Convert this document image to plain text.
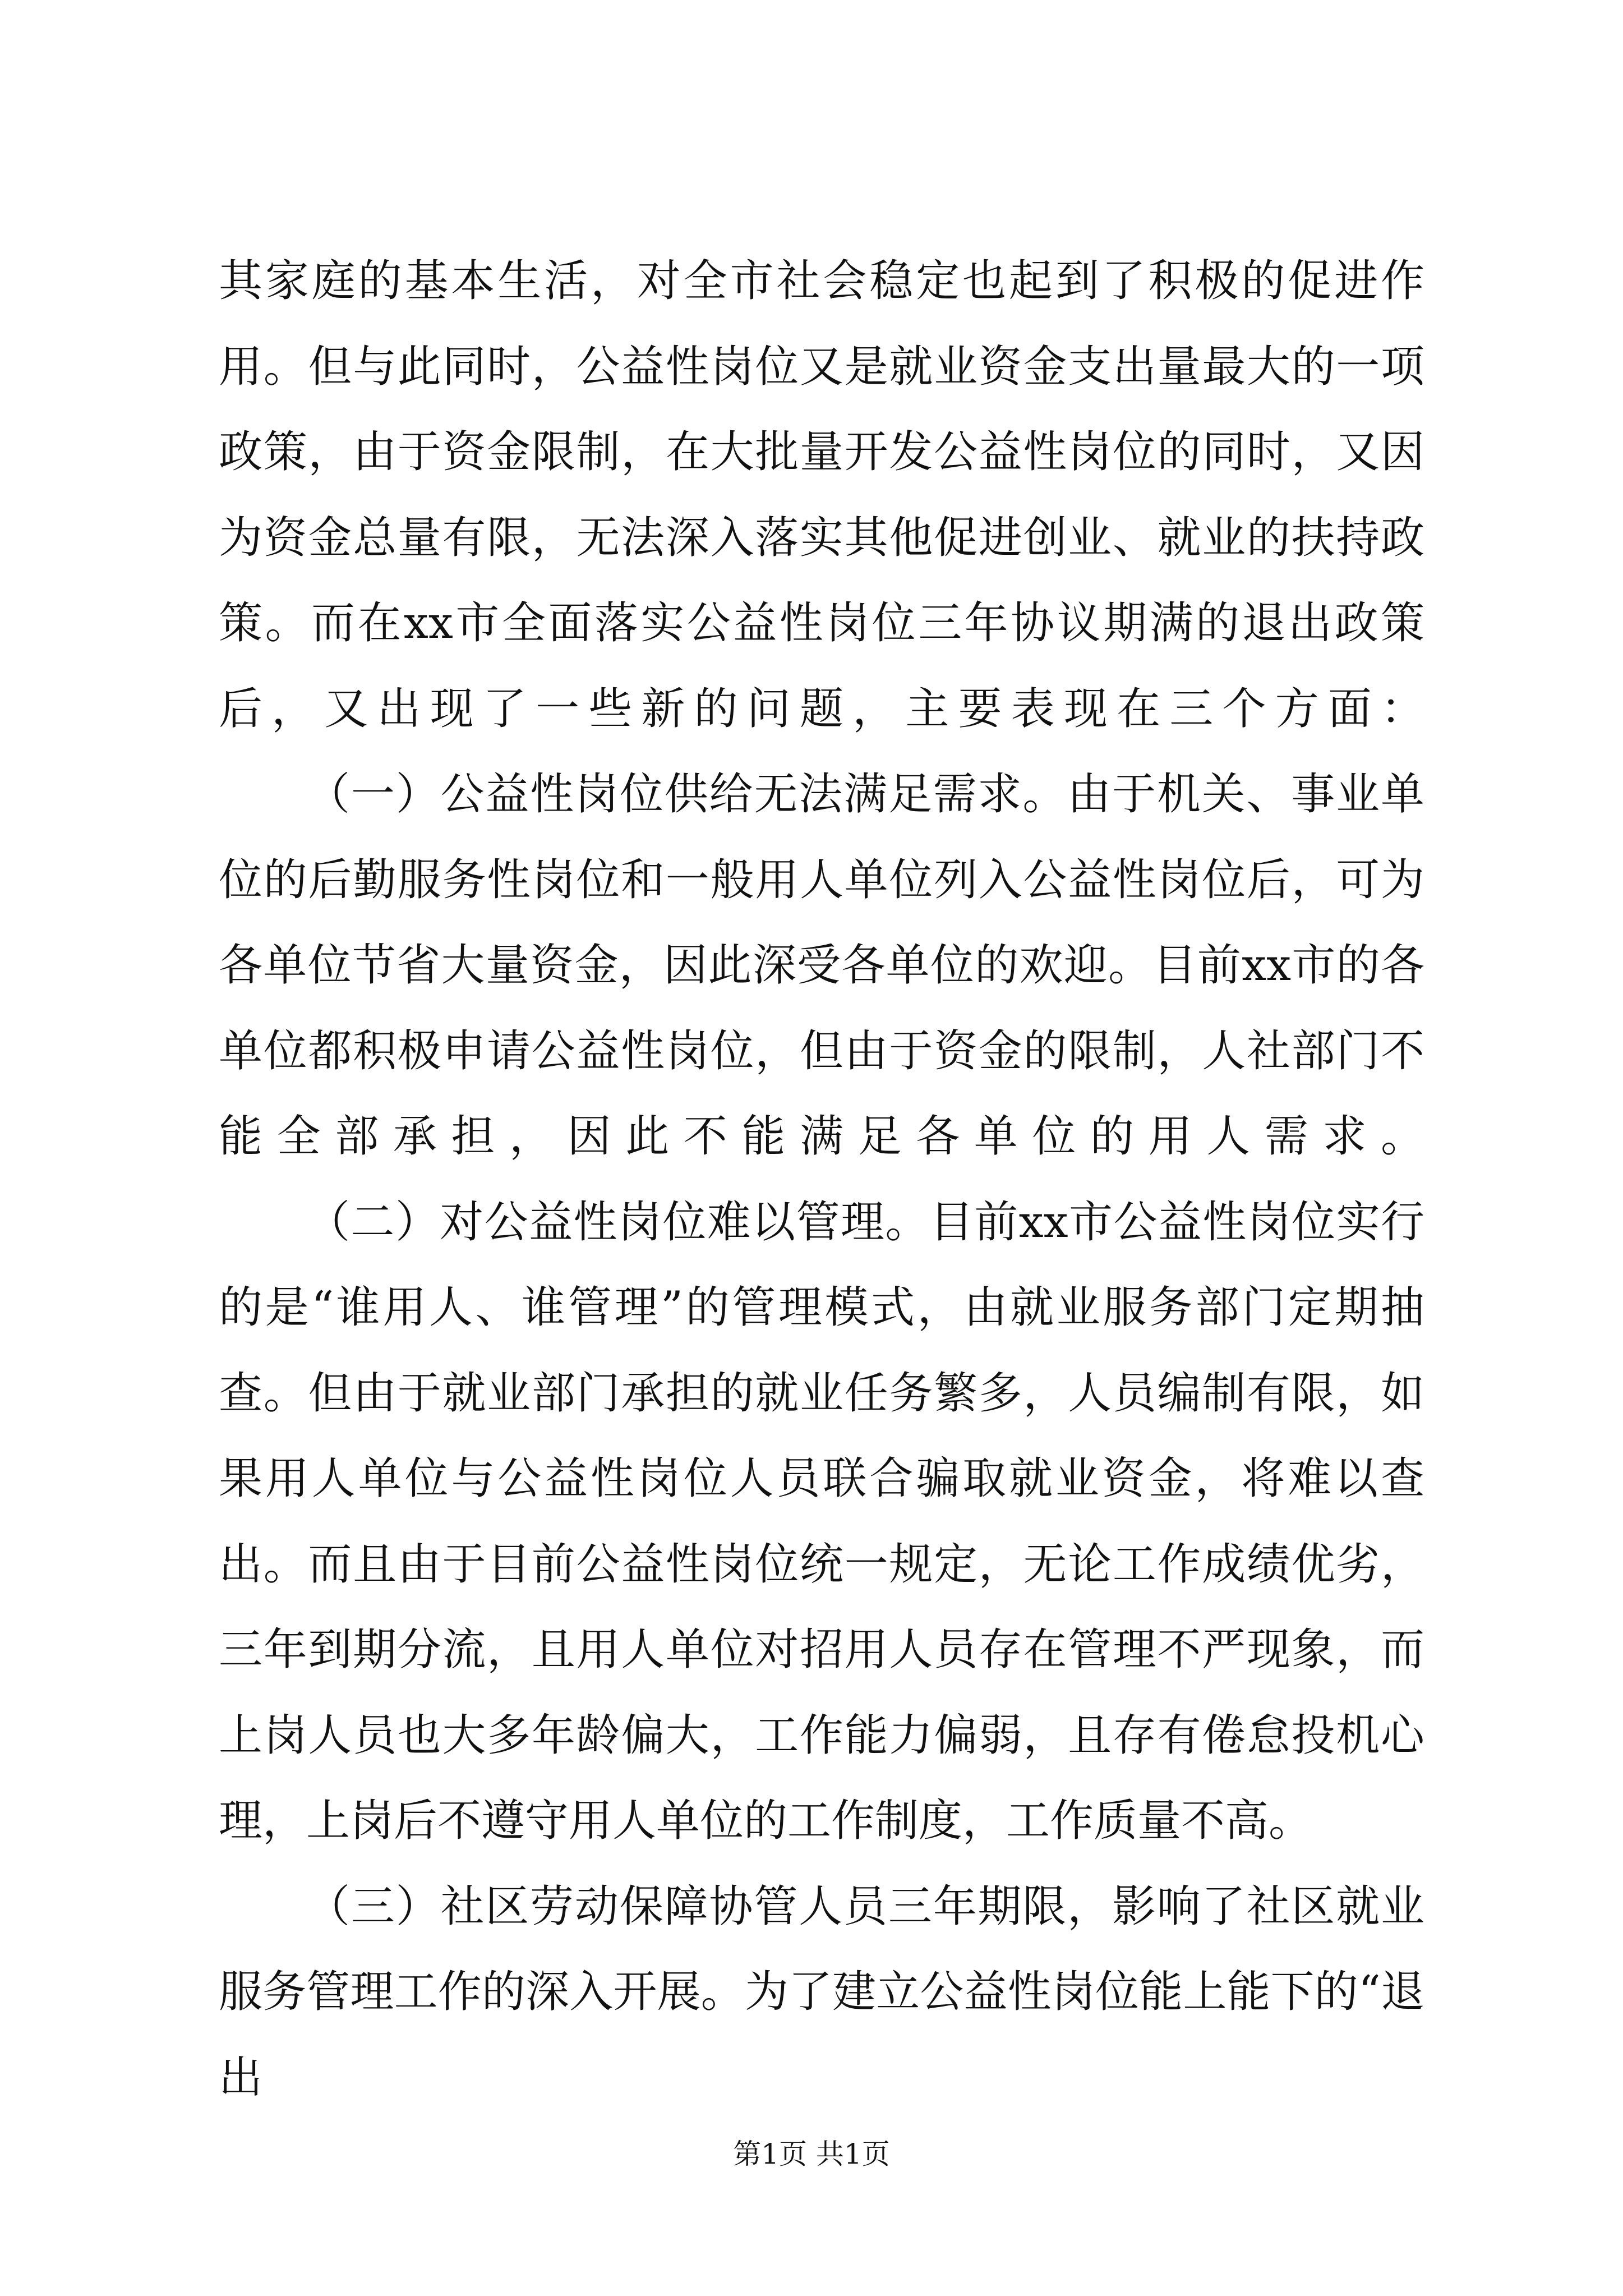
其家庭的基本生活，对全市社会稳定也起到了积极的促进作用。但与此同时，公益性岗位又是就业资金支出量最大的一项政策，由于资金限制，在大批量开发公益性岗位的同时，又因为资金总量有限，无法深入落实其他促进创业、就业的扶持政策。而在xx市全面落实公益性岗位三年协议期满的退出政策后，又出现了一些新的问题，主要表现在三个方面：

（一）公益性岗位供给无法满足需求。由于机关、事业单位的后勤服务性岗位和一般用人单位列入公益性岗位后，可为各单位节省大量资金，因此深受各单位的欢迎。目前xx市的各单位都积极申请公益性岗位，但由于资金的限制，人社部门不能全部承担，因此不能满足各单位的用人需求。

（二）对公益性岗位难以管理。目前xx市公益性岗位实行的是“谁用人、谁管理”的管理模式，由就业服务部门定期抽查。但由于就业部门承担的就业任务繁多，人员编制有限，如果用人单位与公益性岗位人员联合骗取就业资金，将难以查出。而且由于目前公益性岗位统一规定，无论工作成绩优劣，三年到期分流，且用人单位对招用人员存在管理不严现象，而上岗人员也大多年龄偏大，工作能力偏弱，且存有倦怠投机心理，上岗后不遵守用人单位的工作制度，工作质量不高。

（三）社区劳动保障协管人员三年期限，影响了社区就业服务管理工作的深入开展。为了建立公益性岗位能上能下的“退出

第1页 共1页
